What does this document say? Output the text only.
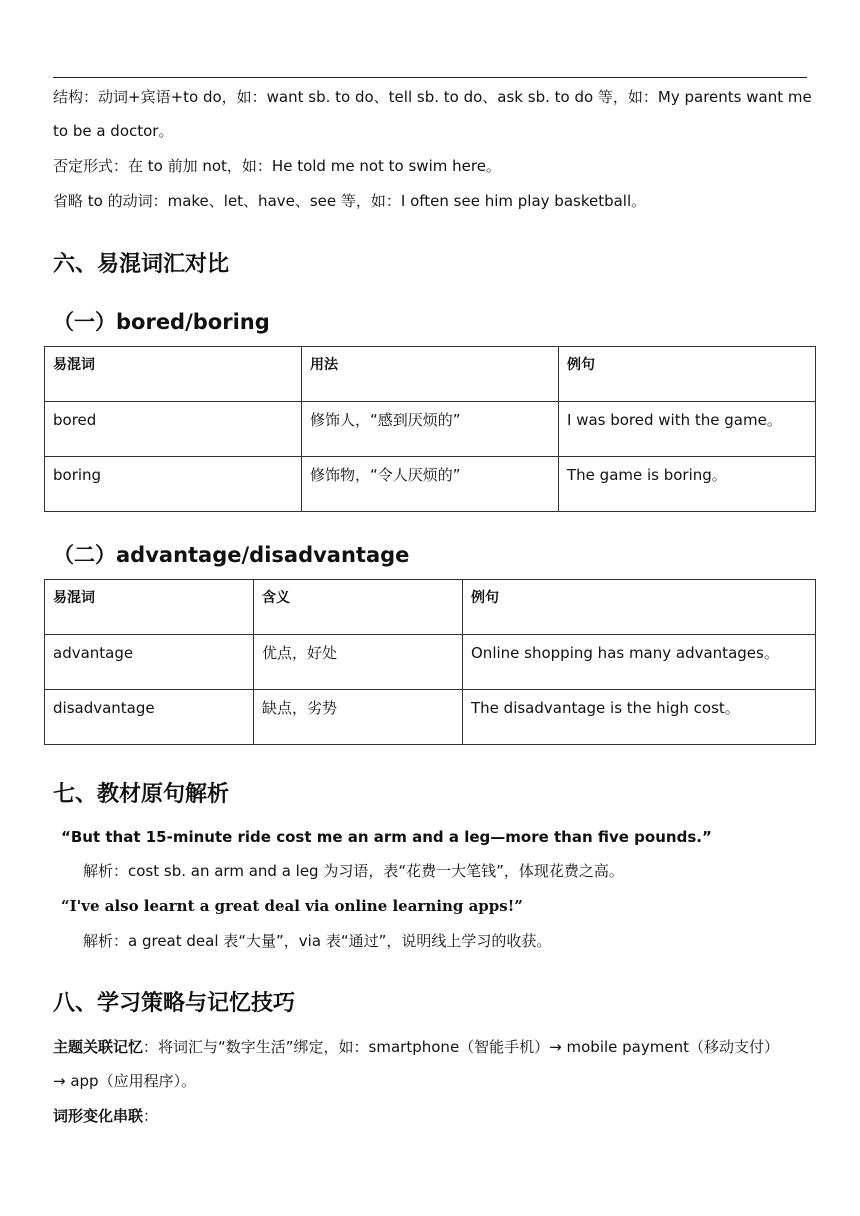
结构：动词+宾语+to do，如：want sb. to do、tell sb. to do、ask sb. to do 等，如：My parents want me
to be a doctor。
否定形式：在 to 前加 not，如：He told me not to swim here。
省略 to 的动词：make、let、have、see 等，如：I often see him play basketball。
六、易混词汇对比
（一）bored/boring
易混词	用法	例句
bored	修饰人，“感到厌烦的”	I was bored with the game。
boring	修饰物，“令人厌烦的”	The game is boring。
（二）advantage/disadvantage
易混词	含义	例句
advantage	优点，好处	Online shopping has many advantages。
disadvantage	缺点，劣势	The disadvantage is the high cost。
七、教材原句解析
“But that 15-minute ride cost me an arm and a leg—more than five pounds.”
解析：cost sb. an arm and a leg 为习语，表“花费一大笔钱”，体现花费之高。
“I've also learnt a great deal via online learning apps!”
解析：a great deal 表“大量”，via 表“通过”，说明线上学习的收获。
八、学习策略与记忆技巧
主题关联记忆：将词汇与“数字生活”绑定，如：smartphone（智能手机）→ mobile payment（移动支付）
→ app（应用程序）。
词形变化串联：
